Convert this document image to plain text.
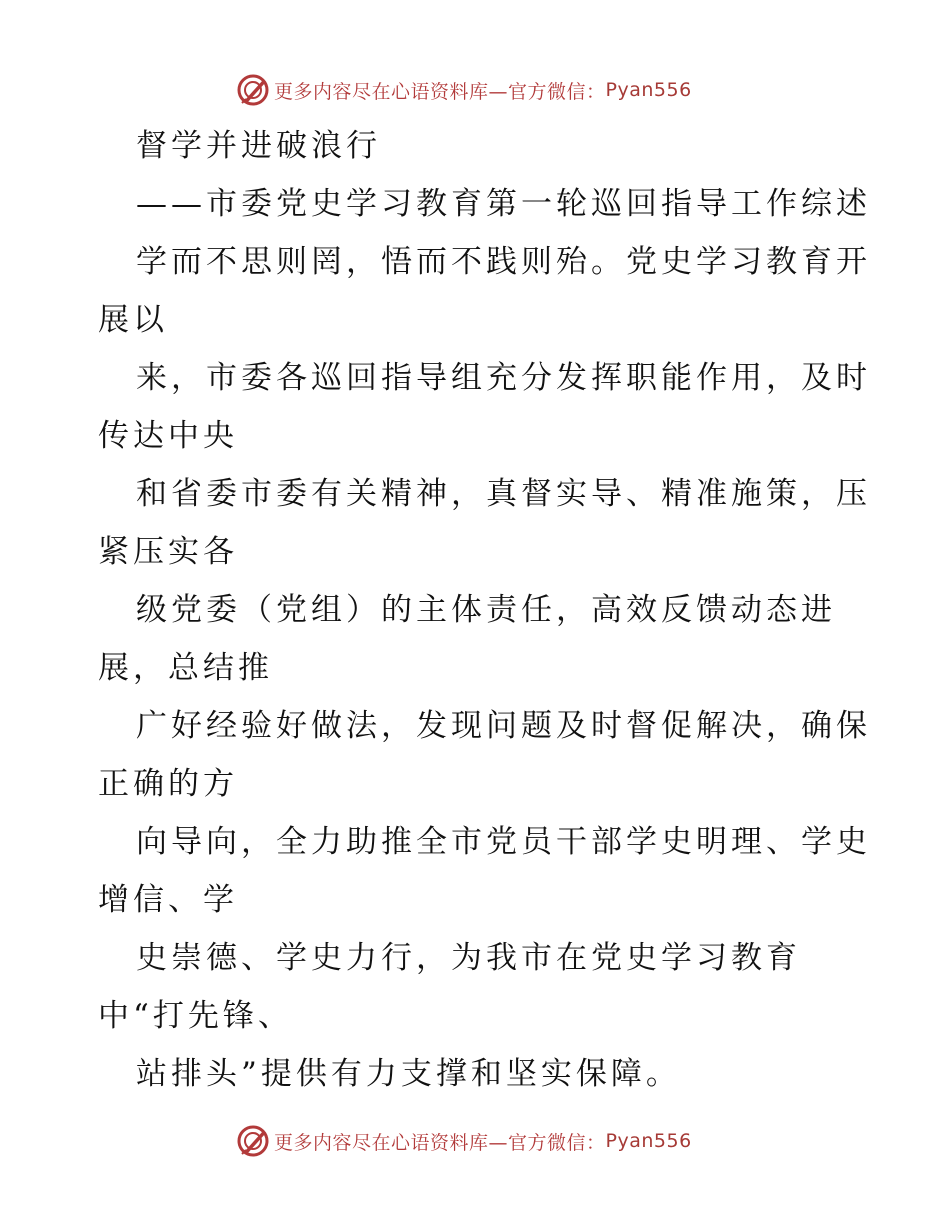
更多内容尽在心语资料库—官方微信： Pyan556
督学并进破浪行
——市委党史学习教育第一轮巡回指导工作综述
学而不思则罔，悟而不践则殆。党史学习教育开
展以
来，市委各巡回指导组充分发挥职能作用，及时
传达中央
和省委市委有关精神，真督实导、精准施策，压
紧压实各
级党委（党组）的主体责任，高效反馈动态进
展，总结推
广好经验好做法，发现问题及时督促解决，确保
正确的方
向导向，全力助推全市党员干部学史明理、学史
增信、学
史崇德、学史力行，为我市在党史学习教育
中“打先锋、
站排头”提供有力支撑和坚实保障。
更多内容尽在心语资料库—官方微信： Pyan556
